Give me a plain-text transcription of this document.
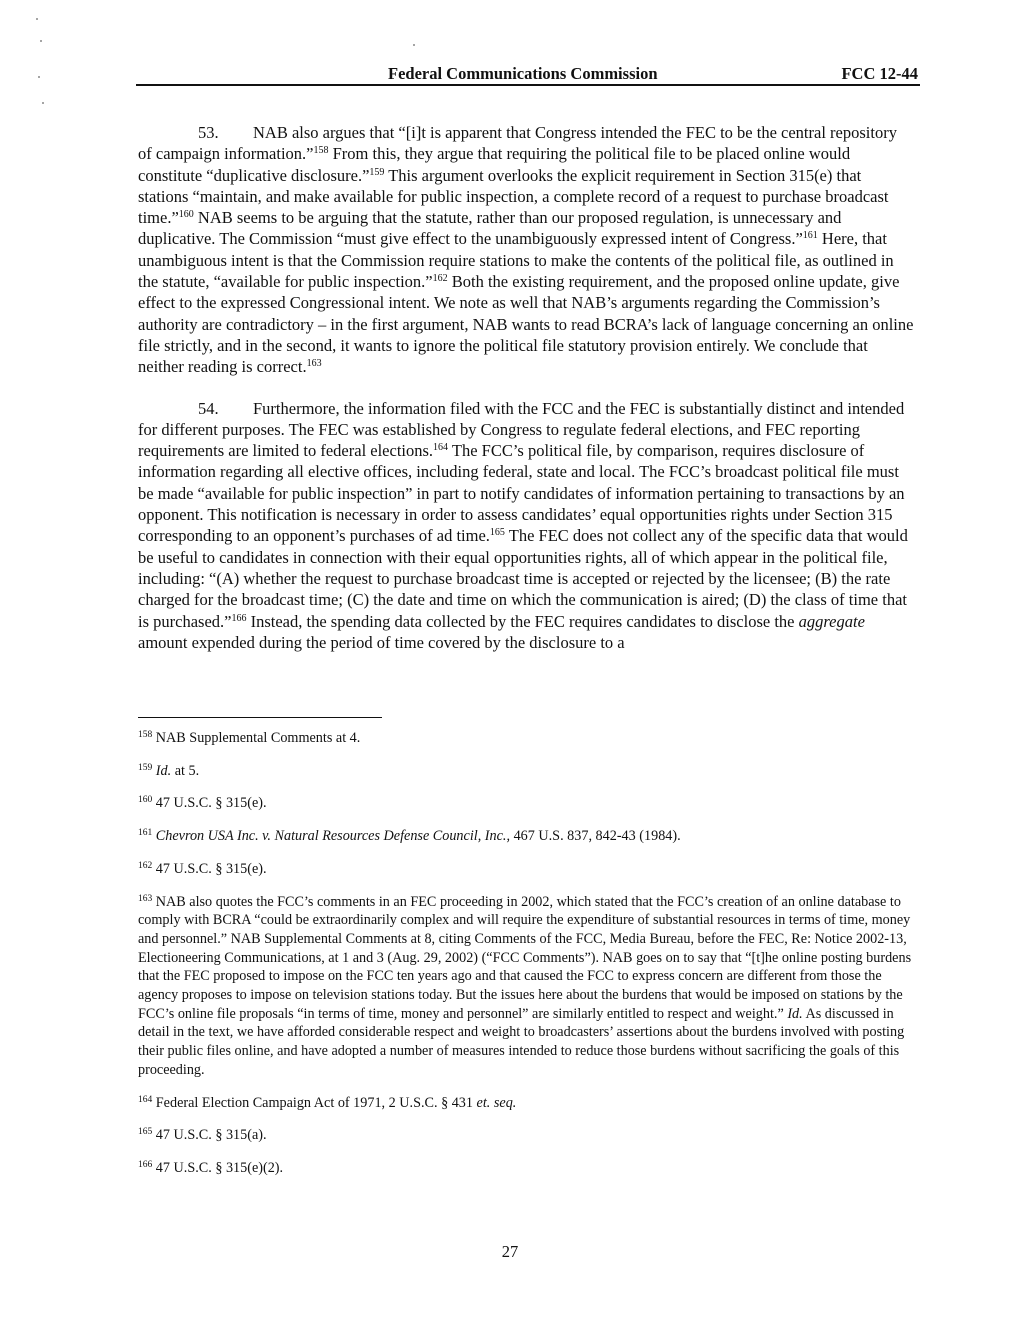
Federal Communications Commission	FCC 12-44

53. NAB also argues that “[i]t is apparent that Congress intended the FEC to be the central repository of campaign information.”$^{158}$ From this, they argue that requiring the political file to be placed online would constitute “duplicative disclosure.”$^{159}$ This argument overlooks the explicit requirement in Section 315(e) that stations “maintain, and make available for public inspection, a complete record of a request to purchase broadcast time.”$^{160}$ NAB seems to be arguing that the statute, rather than our proposed regulation, is unnecessary and duplicative. The Commission “must give effect to the unambiguously expressed intent of Congress.”$^{161}$ Here, that unambiguous intent is that the Commission require stations to make the contents of the political file, as outlined in the statute, “available for public inspection.”$^{162}$ Both the existing requirement, and the proposed online update, give effect to the expressed Congressional intent. We note as well that NAB’s arguments regarding the Commission’s authority are contradictory – in the first argument, NAB wants to read BCRA’s lack of language concerning an online file strictly, and in the second, it wants to ignore the political file statutory provision entirely. We conclude that neither reading is correct.$^{163}$

54. Furthermore, the information filed with the FCC and the FEC is substantially distinct and intended for different purposes. The FEC was established by Congress to regulate federal elections, and FEC reporting requirements are limited to federal elections.$^{164}$ The FCC’s political file, by comparison, requires disclosure of information regarding all elective offices, including federal, state and local. The FCC’s broadcast political file must be made “available for public inspection” in part to notify candidates of information pertaining to transactions by an opponent. This notification is necessary in order to assess candidates’ equal opportunities rights under Section 315 corresponding to an opponent’s purchases of ad time.$^{165}$ The FEC does not collect any of the specific data that would be useful to candidates in connection with their equal opportunities rights, all of which appear in the political file, including: “(A) whether the request to purchase broadcast time is accepted or rejected by the licensee; (B) the rate charged for the broadcast time; (C) the date and time on which the communication is aired; (D) the class of time that is purchased.”$^{166}$ Instead, the spending data collected by the FEC requires candidates to disclose the aggregate amount expended during the period of time covered by the disclosure to a

$^{158}$ NAB Supplemental Comments at 4.
$^{159}$ Id. at 5.
$^{160}$ 47 U.S.C. § 315(e).
$^{161}$ Chevron USA Inc. v. Natural Resources Defense Council, Inc., 467 U.S. 837, 842-43 (1984).
$^{162}$ 47 U.S.C. § 315(e).
$^{163}$ NAB also quotes the FCC’s comments in an FEC proceeding in 2002, which stated that the FCC’s creation of an online database to comply with BCRA “could be extraordinarily complex and will require the expenditure of substantial resources in terms of time, money and personnel.” NAB Supplemental Comments at 8, citing Comments of the FCC, Media Bureau, before the FEC, Re: Notice 2002-13, Electioneering Communications, at 1 and 3 (Aug. 29, 2002) (“FCC Comments”). NAB goes on to say that “[t]he online posting burdens that the FEC proposed to impose on the FCC ten years ago and that caused the FCC to express concern are different from those the agency proposes to impose on television stations today. But the issues here about the burdens that would be imposed on stations by the FCC’s online file proposals “in terms of time, money and personnel” are similarly entitled to respect and weight.” Id. As discussed in detail in the text, we have afforded considerable respect and weight to broadcasters’ assertions about the burdens involved with posting their public files online, and have adopted a number of measures intended to reduce those burdens without sacrificing the goals of this proceeding.
$^{164}$ Federal Election Campaign Act of 1971, 2 U.S.C. § 431 et. seq.
$^{165}$ 47 U.S.C. § 315(a).
$^{166}$ 47 U.S.C. § 315(e)(2).
27
